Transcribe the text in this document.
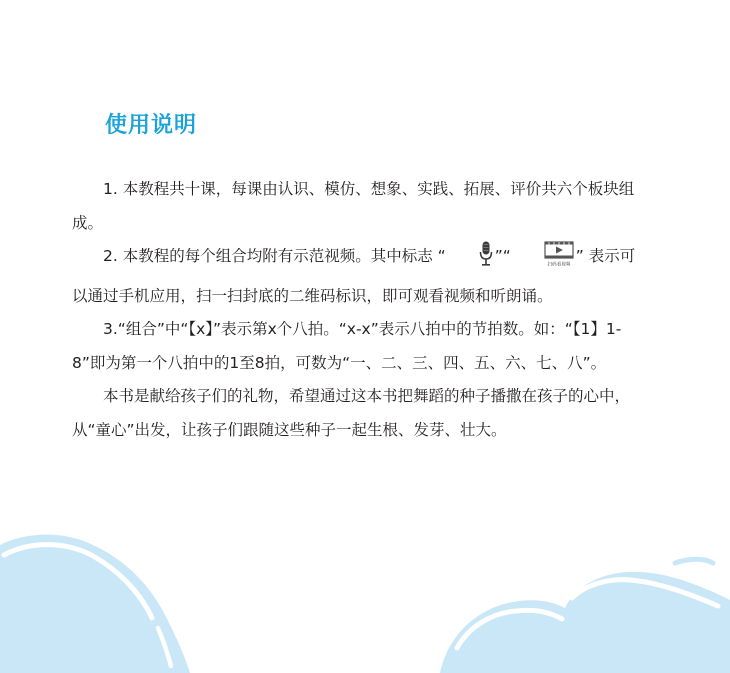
使用说明

1. 本教程共十课，每课由认识、模仿、想象、实践、拓展、评价共六个板块组成。

2. 本教程的每个组合均附有示范视频。其中标志 “	”“	扫码看视频 ” 表示可以通过手机应用，扫一扫封底的二维码标识，即可观看视频和听朗诵。

3.“组合”中“【x】”表示第x个八拍。“x-x”表示八拍中的节拍数。如：“【1】1-8”即为第一个八拍中的1至8拍，可数为“一、二、三、四、五、六、七、八”。

本书是献给孩子们的礼物，希望通过这本书把舞蹈的种子播撒在孩子的心中，从“童心”出发，让孩子们跟随这些种子一起生根、发芽、壮大。
